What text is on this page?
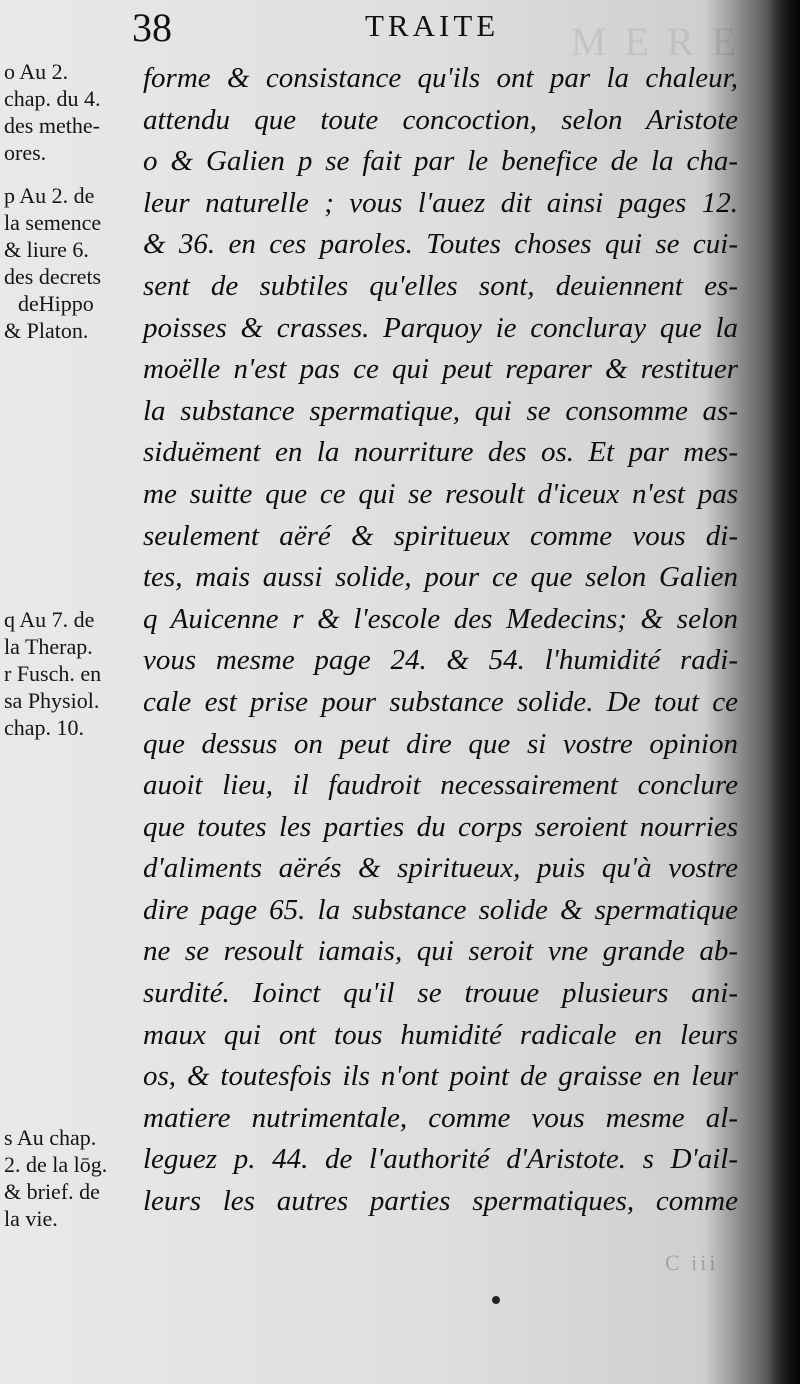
M E R E
38	TRAITE
o Au 2.
chap. du 4.
des methe-
ores.
p Au 2. de
la semence
& liure 6.
des decrets
deHippo
& Platon.
q Au 7. de
la Therap.
r Fusch. en
sa Physiol.
chap. 10.
s Au chap.
2. de la lōg.
& brief. de
la vie.
forme & consistance qu'ils ont par la chaleur,
attendu que toute concoction, selon Aristote
o & Galien p se fait par le benefice de la cha-
leur naturelle ; vous l'auez dit ainsi pages 12.
& 36. en ces paroles. Toutes choses qui se cui-
sent de subtiles qu'elles sont, deuiennent es-
poisses & crasses. Parquoy ie concluray que la
moëlle n'est pas ce qui peut reparer & restituer
la substance spermatique, qui se consomme as-
siduëment en la nourriture des os. Et par mes-
me suitte que ce qui se resoult d'iceux n'est pas
seulement aëré & spiritueux comme vous di-
tes, mais aussi solide, pour ce que selon Galien
q Auicenne r & l'escole des Medecins; & selon
vous mesme page 24. & 54. l'humidité radi-
cale est prise pour substance solide. De tout ce
que dessus on peut dire que si vostre opinion
auoit lieu, il faudroit necessairement conclure
que toutes les parties du corps seroient nourries
d'aliments aërés & spiritueux, puis qu'à vostre
dire page 65. la substance solide & spermatique
ne se resoult iamais, qui seroit vne grande ab-
surdité. Ioinct qu'il se trouue plusieurs ani-
maux qui ont tous humidité radicale en leurs
os, & toutesfois ils n'ont point de graisse en leur
matiere nutrimentale, comme vous mesme al-
leguez p. 44. de l'authorité d'Aristote. s D'ail-
leurs les autres parties spermatiques, comme
C iii
